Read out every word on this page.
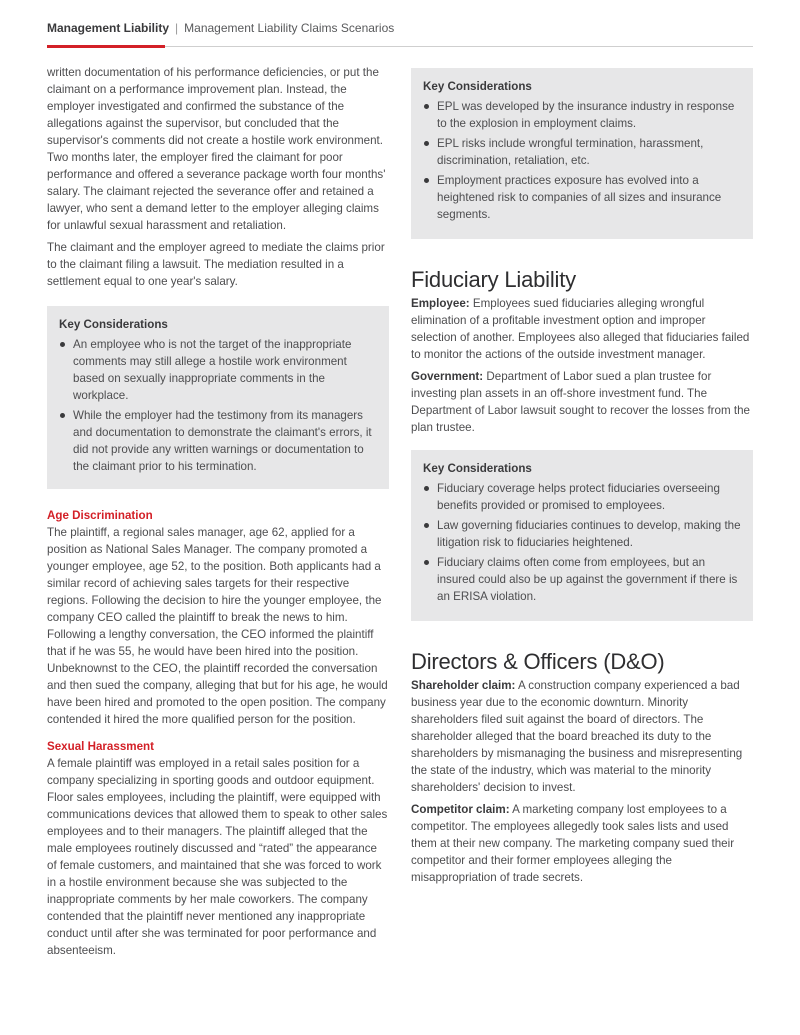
Management Liability | Management Liability Claims Scenarios

written documentation of his performance deficiencies, or put the claimant on a performance improvement plan. Instead, the employer investigated and confirmed the substance of the allegations against the supervisor, but concluded that the supervisor's comments did not create a hostile work environment. Two months later, the employer fired the claimant for poor performance and offered a severance package worth four months' salary. The claimant rejected the severance offer and retained a lawyer, who sent a demand letter to the employer alleging claims for unlawful sexual harassment and retaliation.

The claimant and the employer agreed to mediate the claims prior to the claimant filing a lawsuit. The mediation resulted in a settlement equal to one year's salary.

Key Considerations

An employee who is not the target of the inappropriate comments may still allege a hostile work environment based on sexually inappropriate comments in the workplace.
While the employer had the testimony from its managers and documentation to demonstrate the claimant's errors, it did not provide any written warnings or documentation to the claimant prior to his termination.

Age Discrimination

The plaintiff, a regional sales manager, age 62, applied for a position as National Sales Manager. The company promoted a younger employee, age 52, to the position. Both applicants had a similar record of achieving sales targets for their respective regions. Following the decision to hire the younger employee, the company CEO called the plaintiff to break the news to him. Following a lengthy conversation, the CEO informed the plaintiff that if he was 55, he would have been hired into the position. Unbeknownst to the CEO, the plaintiff recorded the conversation and then sued the company, alleging that but for his age, he would have been hired and promoted to the open position. The company contended it hired the more qualified person for the position.

Sexual Harassment

A female plaintiff was employed in a retail sales position for a company specializing in sporting goods and outdoor equipment. Floor sales employees, including the plaintiff, were equipped with communications devices that allowed them to speak to other sales employees and to their managers. The plaintiff alleged that the male employees routinely discussed and “rated” the appearance of female customers, and maintained that she was forced to work in a hostile environment because she was subjected to the inappropriate comments by her male coworkers. The company contended that the plaintiff never mentioned any inappropriate conduct until after she was terminated for poor performance and absenteeism.

Key Considerations

EPL was developed by the insurance industry in response to the explosion in employment claims.
EPL risks include wrongful termination, harassment, discrimination, retaliation, etc.
Employment practices exposure has evolved into a heightened risk to companies of all sizes and insurance segments.
Fiduciary Liability

Employee: Employees sued fiduciaries alleging wrongful elimination of a profitable investment option and improper selection of another. Employees also alleged that fiduciaries failed to monitor the actions of the outside investment manager.

Government: Department of Labor sued a plan trustee for investing plan assets in an off-shore investment fund. The Department of Labor lawsuit sought to recover the losses from the plan trustee.

Key Considerations

Fiduciary coverage helps protect fiduciaries overseeing benefits provided or promised to employees.
Law governing fiduciaries continues to develop, making the litigation risk to fiduciaries heightened.
Fiduciary claims often come from employees, but an insured could also be up against the government if there is an ERISA violation.
Directors & Officers (D&O)

Shareholder claim: A construction company experienced a bad business year due to the economic downturn. Minority shareholders filed suit against the board of directors. The shareholder alleged that the board breached its duty to the shareholders by mismanaging the business and misrepresenting the state of the industry, which was material to the minority shareholders' decision to invest.

Competitor claim: A marketing company lost employees to a competitor. The employees allegedly took sales lists and used them at their new company. The marketing company sued their competitor and their former employees alleging the misappropriation of trade secrets.
